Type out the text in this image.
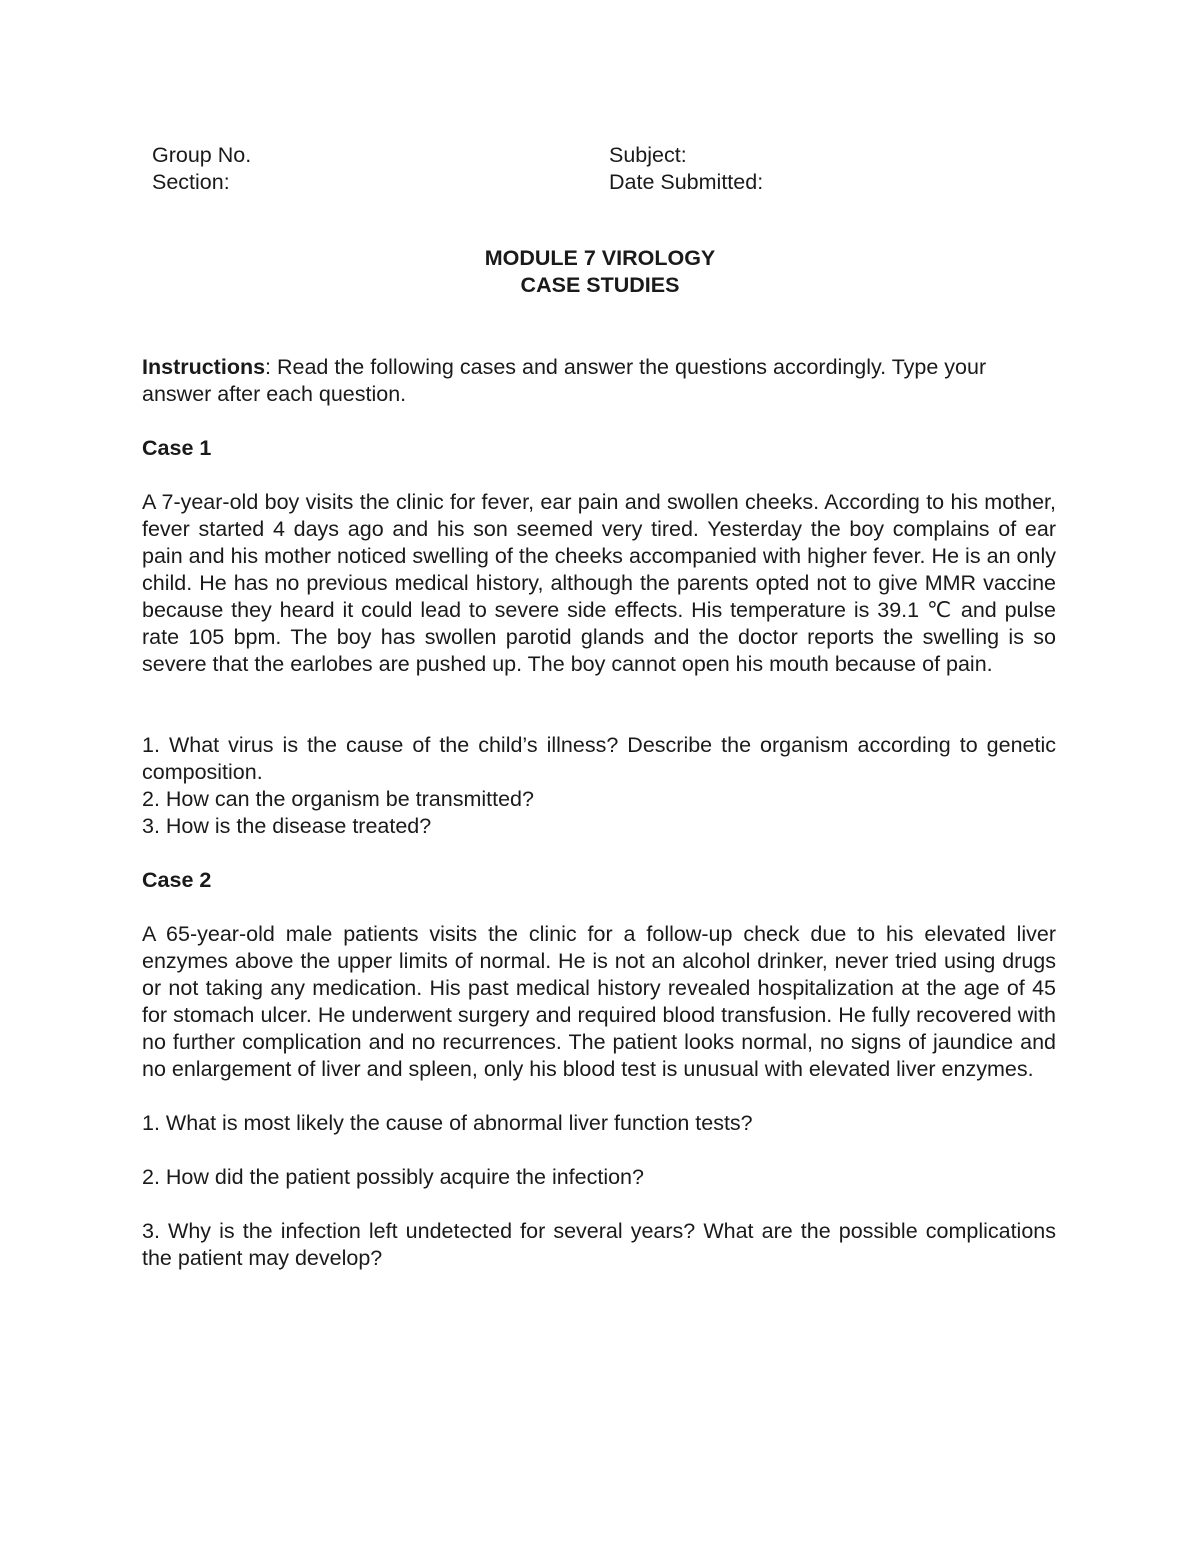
Group No.	Subject:
Section:	Date Submitted:
MODULE 7 VIROLOGY
CASE STUDIES

Instructions: Read the following cases and answer the questions accordingly. Type your answer after each question.

Case 1

A 7-year-old boy visits the clinic for fever, ear pain and swollen cheeks. According to his mother, fever started 4 days ago and his son seemed very tired. Yesterday the boy complains of ear pain and his mother noticed swelling of the cheeks accompanied with higher fever. He is an only child. He has no previous medical history, although the parents opted not to give MMR vaccine because they heard it could lead to severe side effects. His temperature is 39.1 ℃ and pulse rate 105 bpm. The boy has swollen parotid glands and the doctor reports the swelling is so severe that the earlobes are pushed up. The boy cannot open his mouth because of pain.

1. What virus is the cause of the child’s illness? Describe the organism according to genetic composition.

2. How can the organism be transmitted?

3. How is the disease treated?

Case 2

A 65-year-old male patients visits the clinic for a follow-up check due to his elevated liver enzymes above the upper limits of normal. He is not an alcohol drinker, never tried using drugs or not taking any medication. His past medical history revealed hospitalization at the age of 45 for stomach ulcer. He underwent surgery and required blood transfusion. He fully recovered with no further complication and no recurrences. The patient looks normal, no signs of jaundice and no enlargement of liver and spleen, only his blood test is unusual with elevated liver enzymes.

1. What is most likely the cause of abnormal liver function tests?

2. How did the patient possibly acquire the infection?

3. Why is the infection left undetected for several years? What are the possible complications the patient may develop?
